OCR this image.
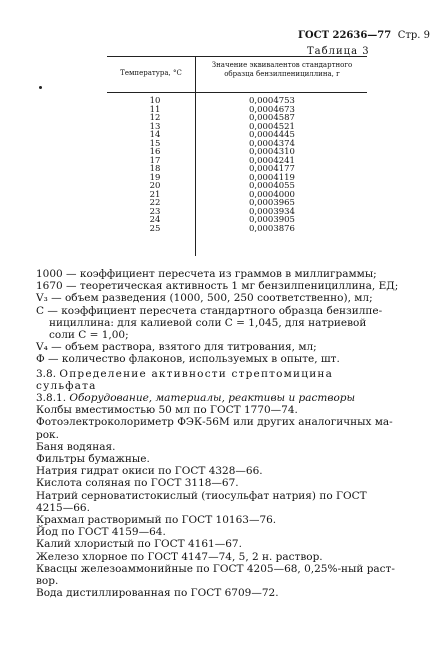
ГОСТ 22636—77 Стр. 9
Таблица 3
Температура, °С
Значение эквивалентов стандартного
образца бензилпенициллина, г
10
11
12
13
14
15
16
17
18
19
20
21
22
23
24
25
0,0004753
0,0004673
0,0004587
0,0004521
0,0004445
0,0004374
0,0004310
0,0004241
0,0004177
0,0004119
0,0004055
0,0004000
0,0003965
0,0003934
0,0003905
0,0003876
1000 — коэффициент пересчета из граммов в миллиграммы;
1670 — теоретическая активность 1 мг бензилпенициллина, ЕД;
V₃ — объем разведения (1000, 500, 250 соответственно), мл;
C — коэффициент пересчета стандартного образца бензилпе-
нициллина: для калиевой соли C = 1,045, для натриевой
соли C = 1,00;
V₄ — объем раствора, взятого для титрования, мл;
Ф — количество флаконов, используемых в опыте, шт.

3.8. Определение активности стрептомицина

сульфата

3.8.1. Оборудование, материалы, реактивы и растворы

Колбы вместимостью 50 мл по ГОСТ 1770—74.

Фотоэлектроколориметр ФЭК-56М или других аналогичных ма-

рок.

Баня водяная.

Фильтры бумажные.

Натрия гидрат окиси по ГОСТ 4328—66.

Кислота соляная по ГОСТ 3118—67.

Натрий серноватистокислый (тиосульфат натрия) по ГОСТ

4215—66.

Крахмал растворимый по ГОСТ 10163—76.

Йод по ГОСТ 4159—64.

Калий хлористый по ГОСТ 4161—67.

Железо хлорное по ГОСТ 4147—74, 5, 2 н. раствор.

Квасцы железоаммонийные по ГОСТ 4205—68, 0,25%-ный раст-

вор.

Вода дистиллированная по ГОСТ 6709—72.
